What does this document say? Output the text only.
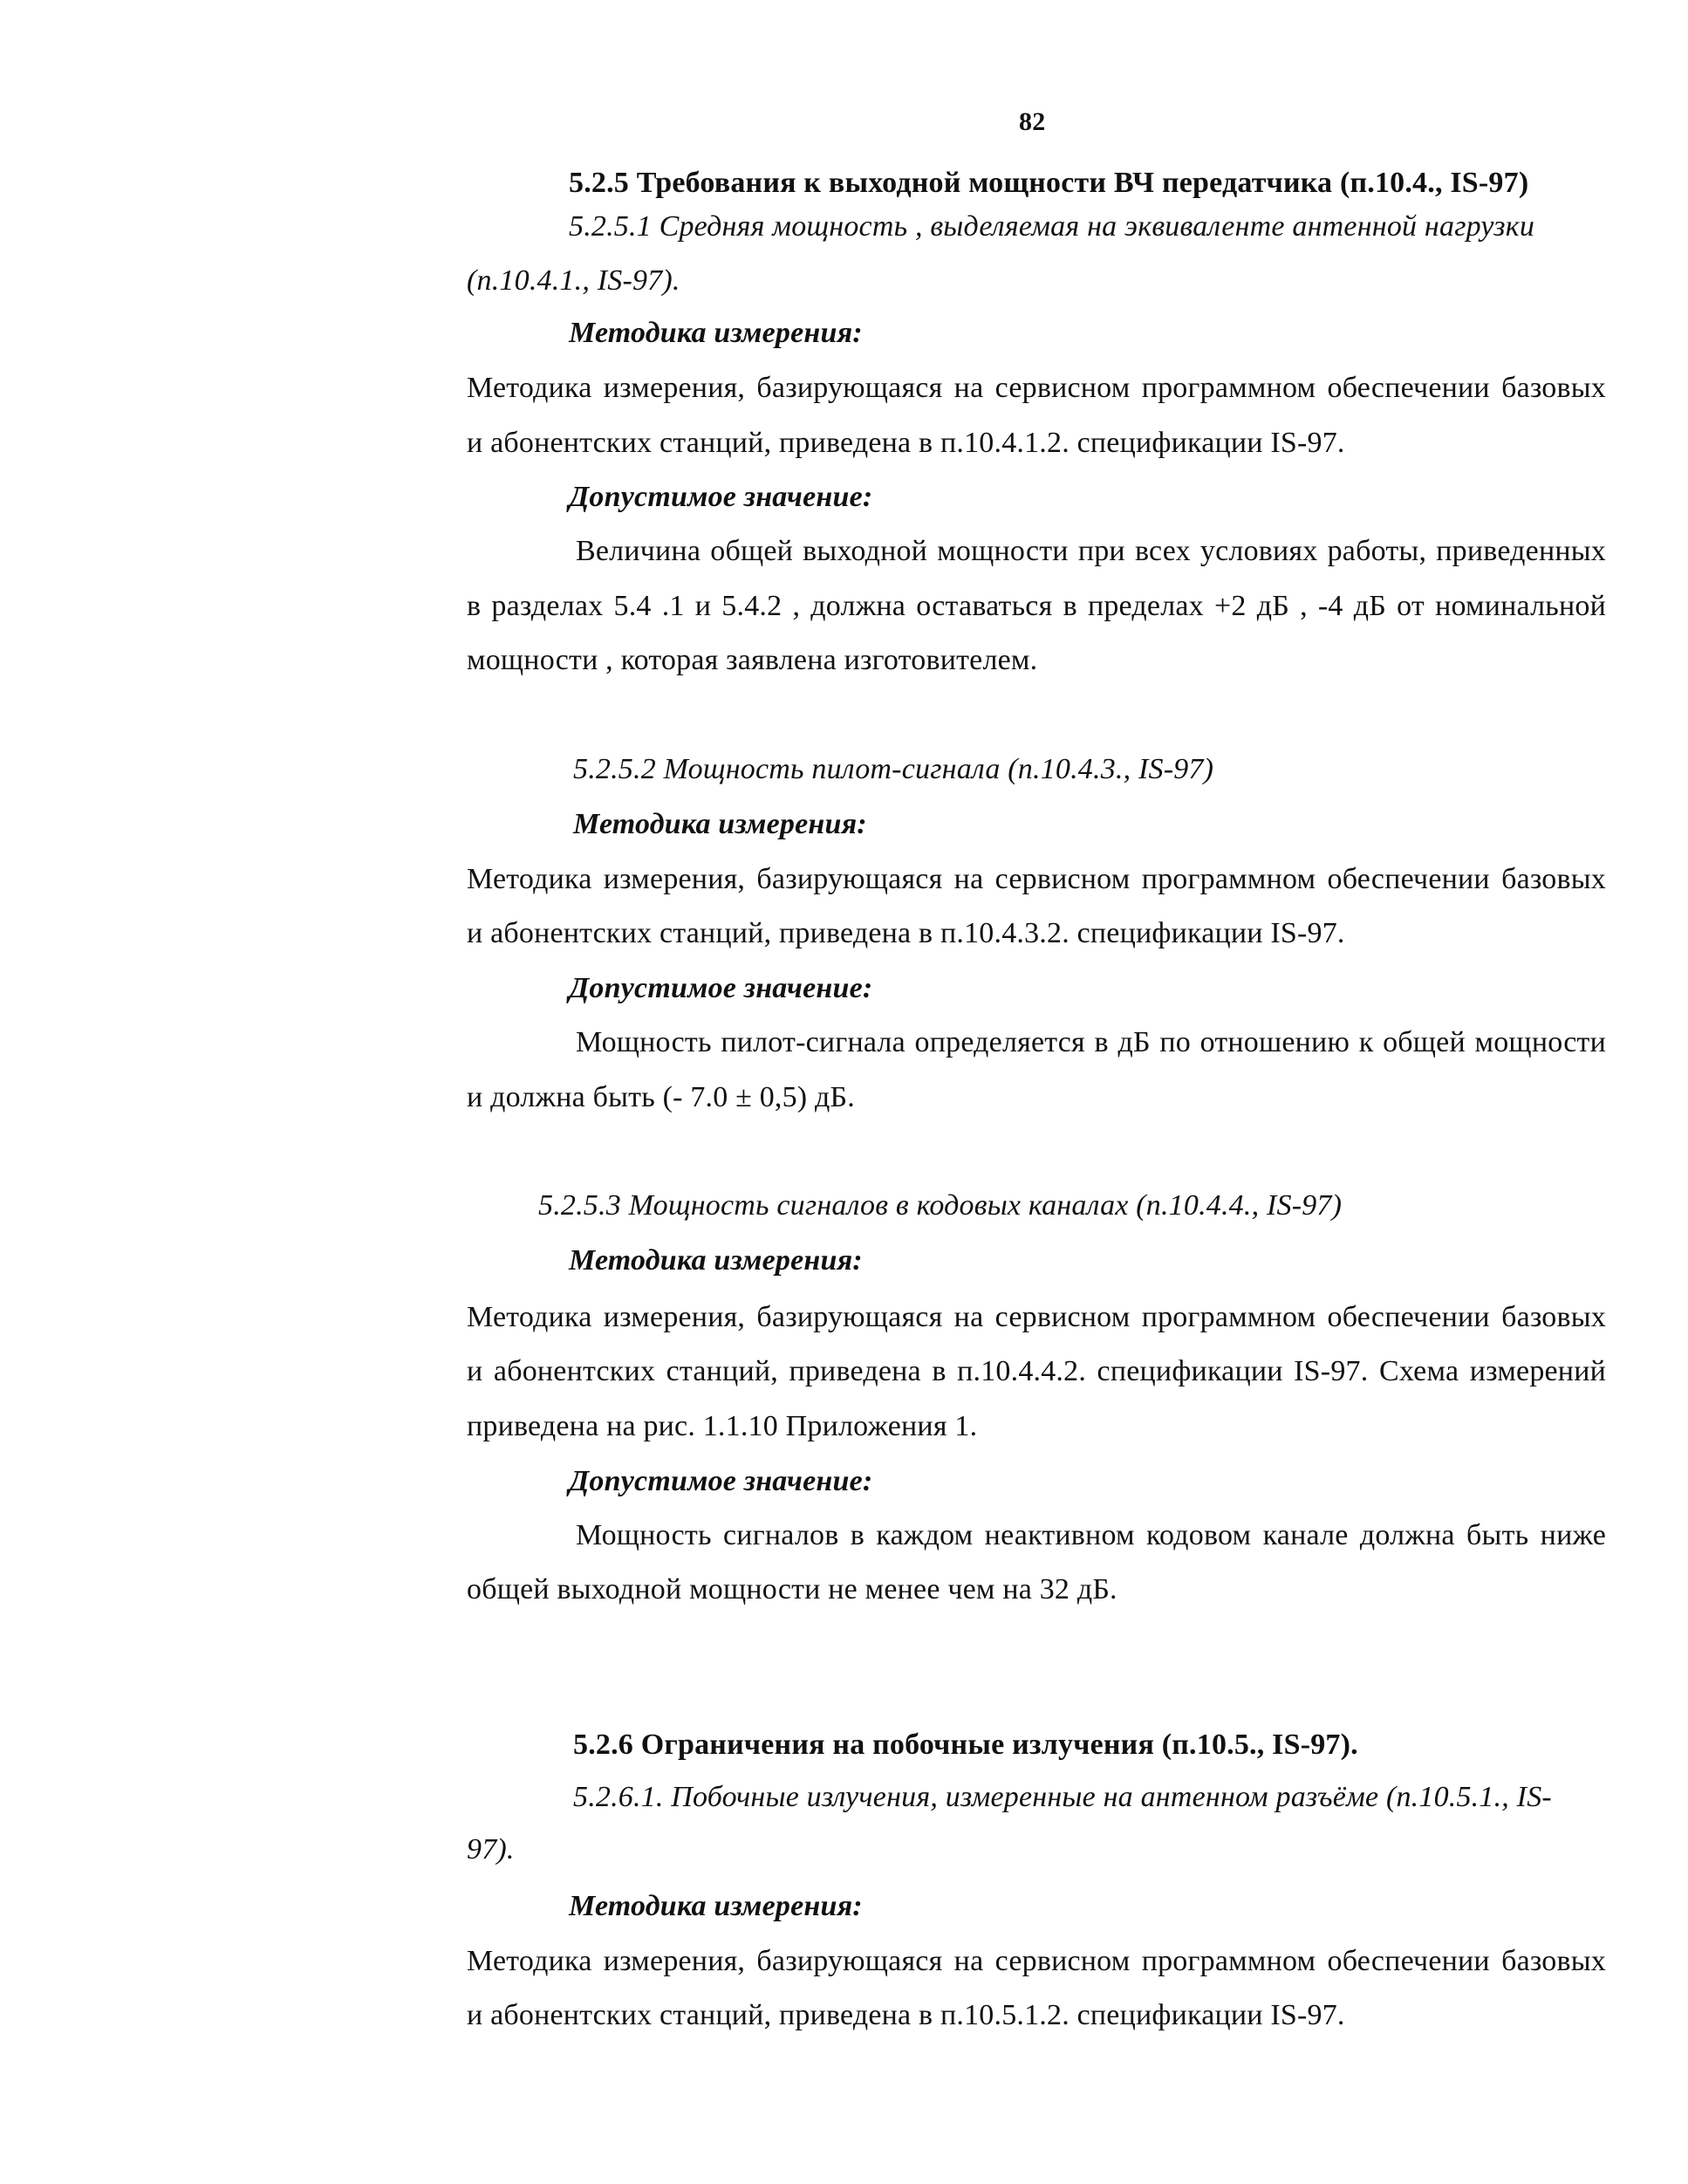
82
5.2.5 Требования к выходной мощности ВЧ передатчика (п.10.4., IS-97)
5.2.5.1 Средняя мощность , выделяемая на эквиваленте антенной нагрузки
(п.10.4.1., IS-97).
Методика измерения:
Методика измерения, базирующаяся на сервисном программном обеспечении базовых
и абонентских станций, приведена в п.10.4.1.2. спецификации IS-97.
Допустимое значение:
Величина общей выходной мощности при всех условиях работы, приведенных
в разделах 5.4 .1 и 5.4.2 , должна оставаться в пределах +2 дБ , -4 дБ от номинальной
мощности , которая заявлена изготовителем.
5.2.5.2 Мощность пилот-сигнала (п.10.4.3., IS-97)
Методика измерения:
Методика измерения, базирующаяся на сервисном программном обеспечении базовых
и абонентских станций, приведена в п.10.4.3.2. спецификации IS-97.
Допустимое значение:
Мощность пилот-сигнала определяется в дБ по отношению к общей мощности
и должна быть (- 7.0 ± 0,5) дБ.
5.2.5.3 Мощность сигналов в кодовых каналах (п.10.4.4., IS-97)
Методика измерения:
Методика измерения, базирующаяся на сервисном программном обеспечении базовых
и абонентских станций, приведена в п.10.4.4.2. спецификации IS-97. Схема измерений
приведена на рис. 1.1.10 Приложения 1.
Допустимое значение:
Мощность сигналов в каждом неактивном кодовом канале должна быть ниже
общей выходной мощности не менее чем на 32 дБ.
5.2.6 Ограничения на побочные излучения (п.10.5., IS-97).
5.2.6.1. Побочные излучения, измеренные на антенном разъёме (п.10.5.1., IS-
97).
Методика измерения:
Методика измерения, базирующаяся на сервисном программном обеспечении базовых
и абонентских станций, приведена в п.10.5.1.2. спецификации IS-97.
